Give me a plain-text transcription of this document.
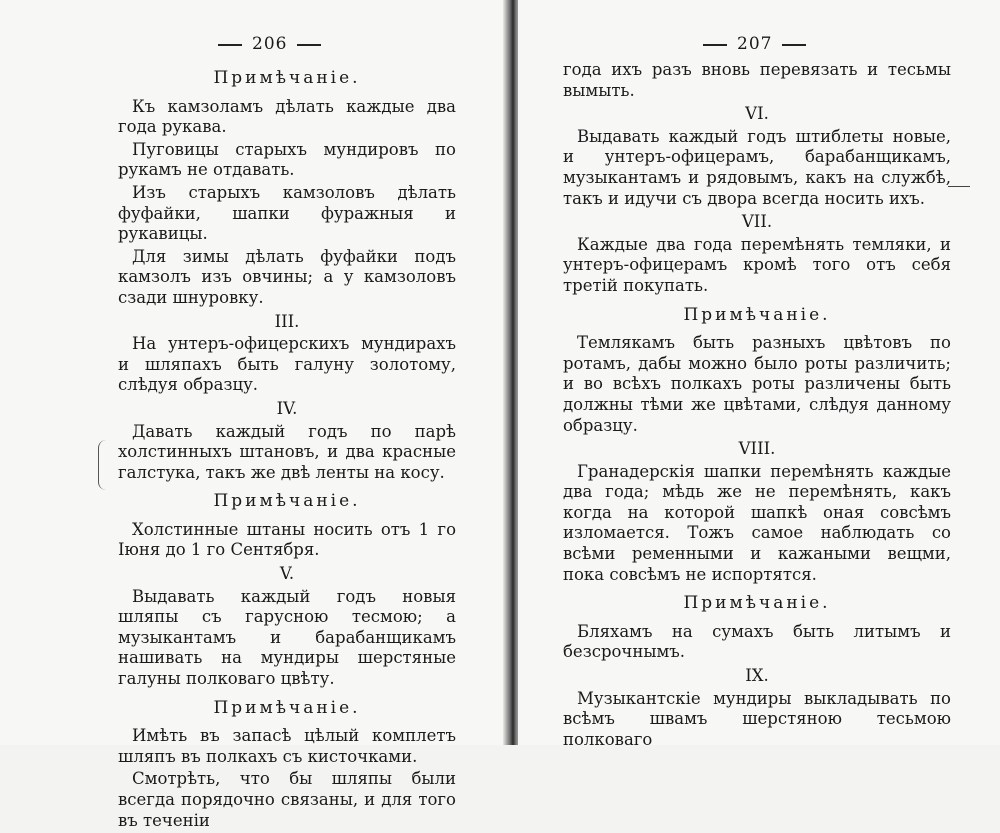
206
Примѣчаніе.

Къ камзоламъ дѣлать каждые два года рукава.

Пуговицы старыхъ мундировъ по рукамъ не отдавать.

Изъ старыхъ камзоловъ дѣлать фуфайки, шапки фуражныя и рукавицы.

Для зимы дѣлать фуфайки подъ камзолъ изъ овчины; а у камзоловъ сзади шнуровку.

III.

На унтеръ-офицерскихъ мундирахъ и шляпахъ быть галуну золотому, слѣдуя образцу.

IV.

Давать каждый годъ по парѣ холстинныхъ штановъ, и два красные галстука, такъ же двѣ ленты на косу.

Примѣчаніе.

Холстинные штаны носить отъ 1 го Іюня до 1 го Сентября.

V.

Выдавать каждый годъ новыя шляпы съ гарусною тесмою; а музыкантамъ и барабанщикамъ нашивать на мундиры шерстяные галуны полковаго цвѣту.

Примѣчаніе.

Имѣть въ запасѣ цѣлый комплетъ шляпъ въ полкахъ съ кисточками.

Смотрѣть, что бы шляпы были всегда порядочно связаны, и для того въ теченіи

207

года ихъ разъ вновь перевязать и тесьмы вымыть.

VI.

Выдавать каждый годъ штиблеты новые, и унтеръ-офицерамъ, барабанщикамъ, музыкантамъ и рядовымъ, какъ на службѣ, такъ и идучи съ двора всегда носить ихъ.

VII.

Каждые два года перемѣнять темляки, и унтеръ-офицерамъ кромѣ того отъ себя третій покупать.

Примѣчаніе.

Темлякамъ быть разныхъ цвѣтовъ по ротамъ, дабы можно было роты различить; и во всѣхъ полкахъ роты различены быть должны тѣми же цвѣтами, слѣдуя данному образцу.

VIII.

Гранадерскія шапки перемѣнять каждые два года; мѣдь же не перемѣнять, какъ когда на которой шапкѣ оная совсѣмъ изломается. Тожъ самое наблюдать со всѣми ременными и кажаными вещми, пока совсѣмъ не испортятся.

Примѣчаніе.

Бляхамъ на сумахъ быть литымъ и безсрочнымъ.

IX.

Музыкантскіе мундиры выкладывать по всѣмъ швамъ шерстяною тесьмою полковаго
